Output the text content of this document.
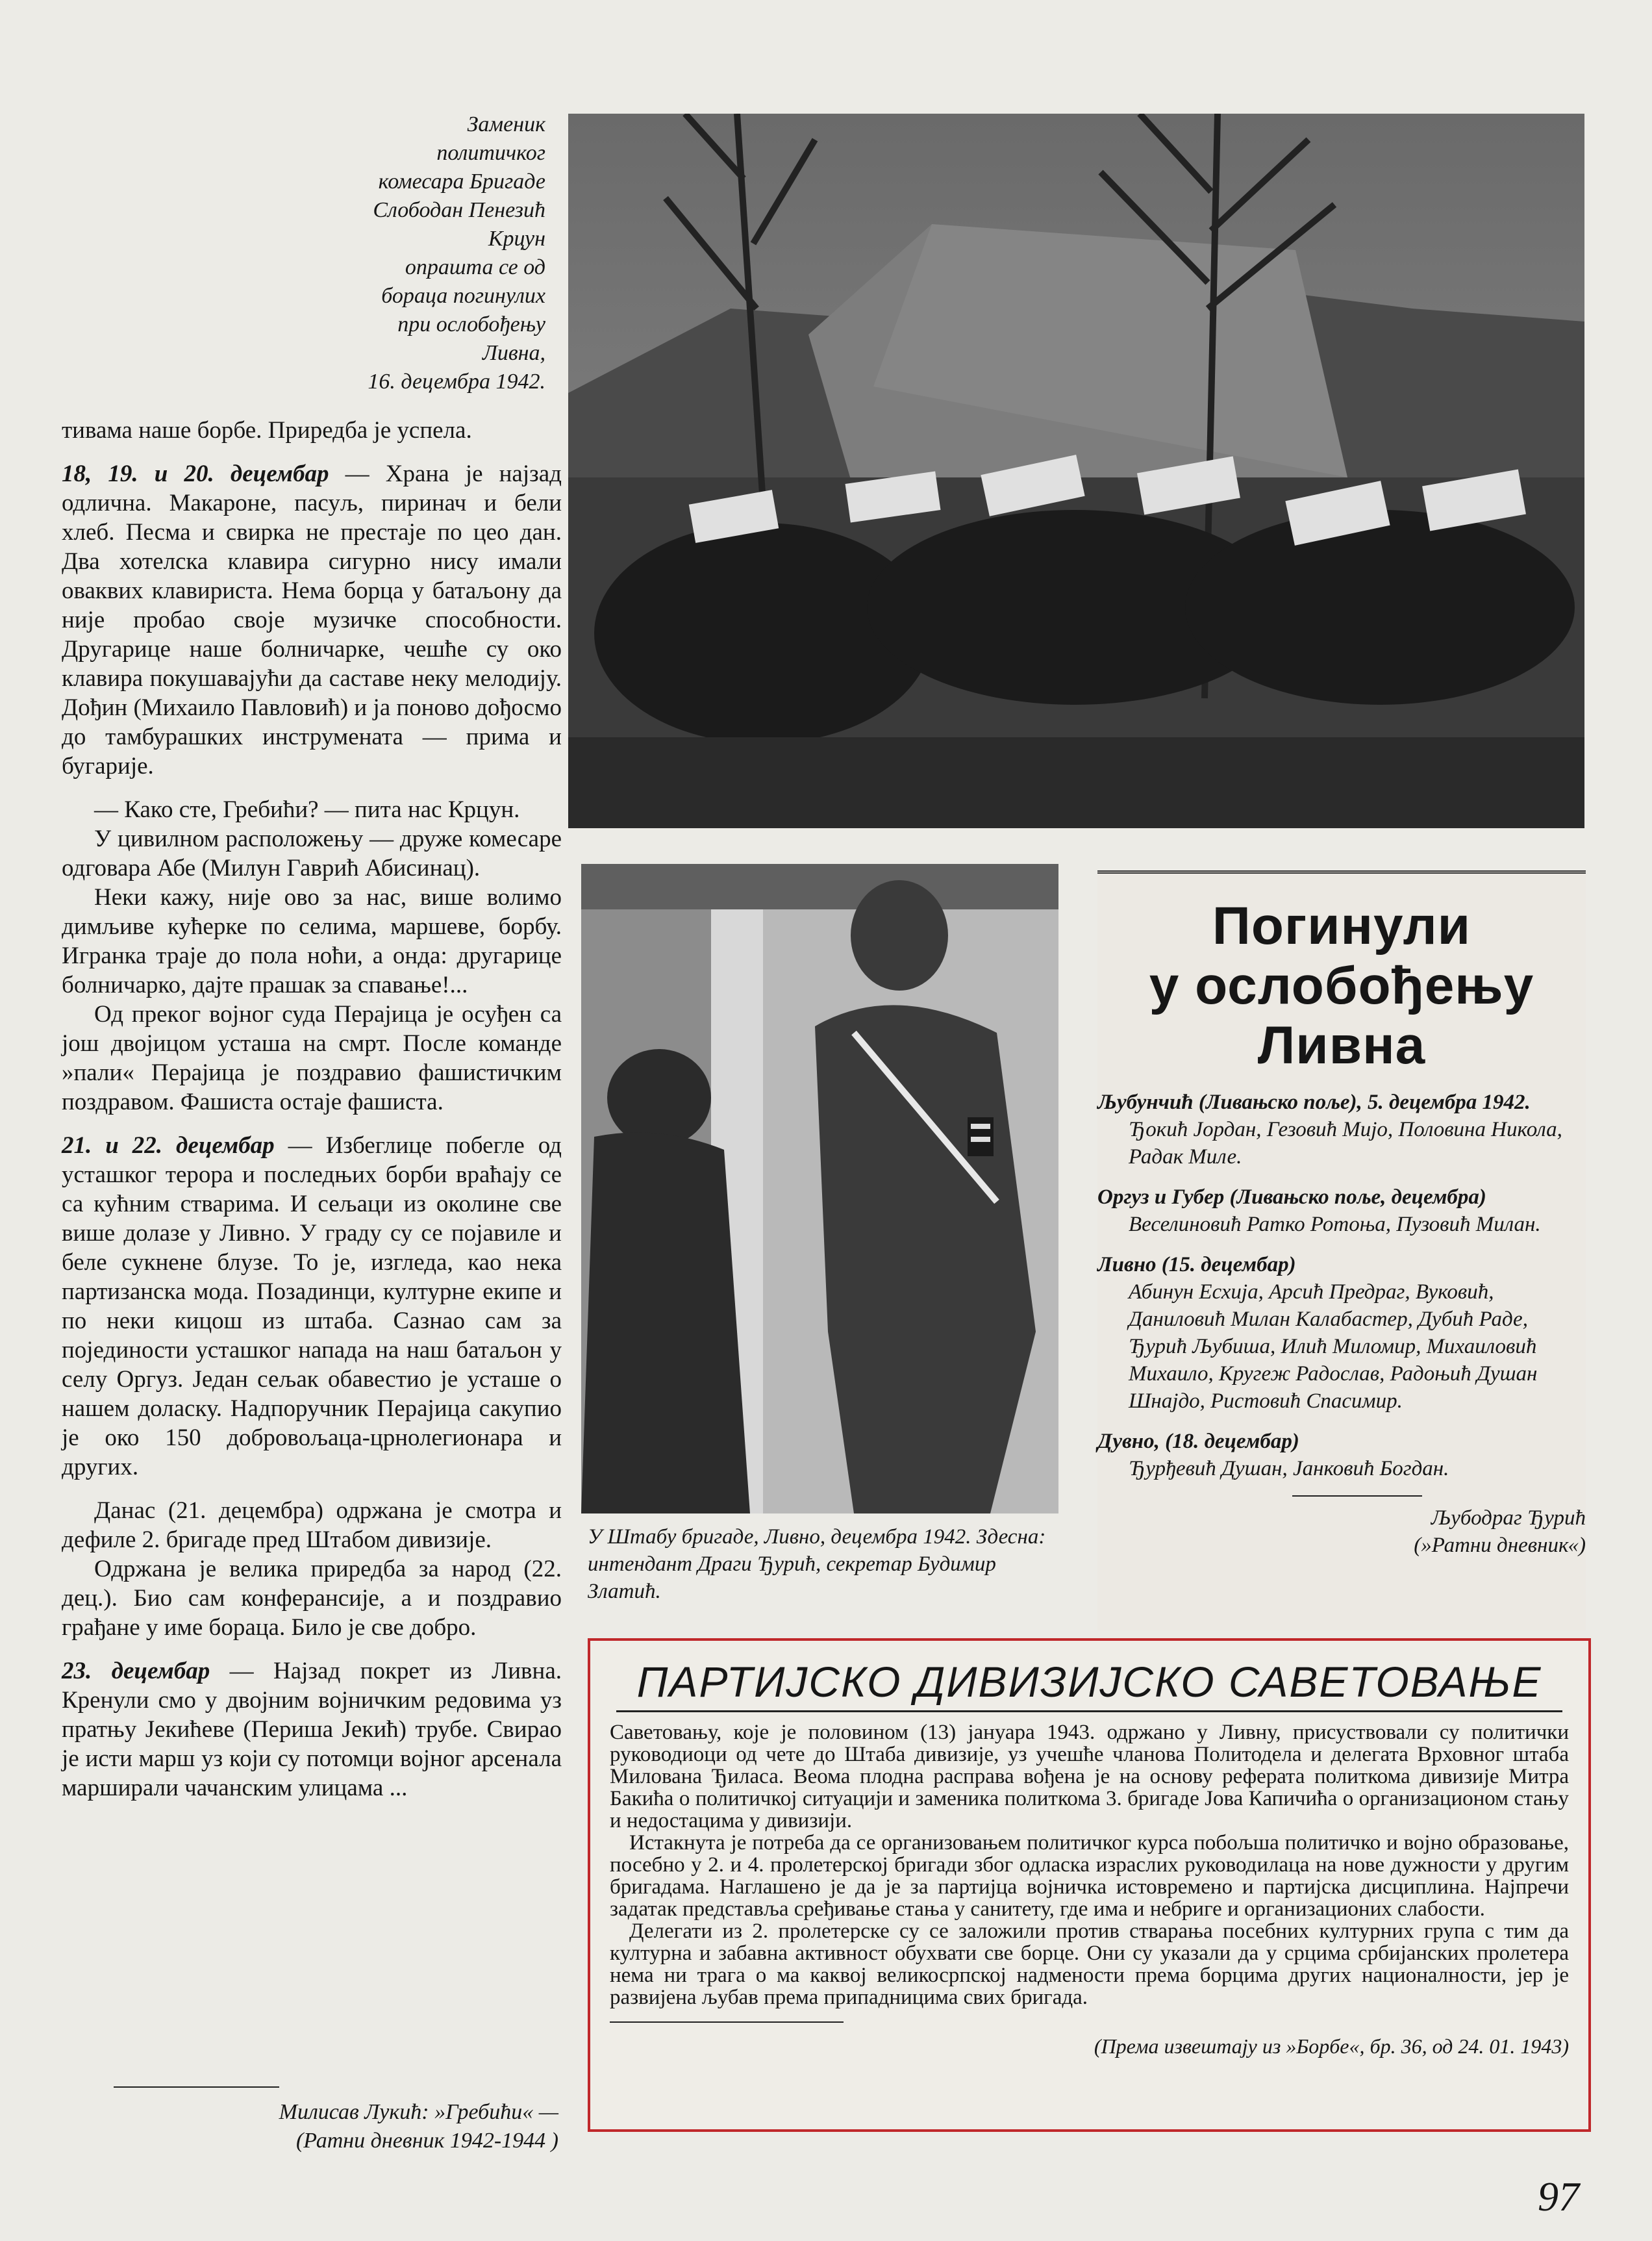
Заменик
политичког комесара Бригаде
Слободан Пенезић Крцун
опрашта се од бораца погинулих
при ослобођењу Ливна,
16. децембра 1942.

тивама наше борбе. Приредба је успела.

18, 19. и 20. децембар — Храна је најзад одлична. Макароне, пасуљ, пиринач и бели хлеб. Песма и свирка не престаје по цео дан. Два хотелска клавира сигурно нису имали оваквих клавириста. Нема борца у батаљону да није пробао своје музичке способности. Другарице наше болничарке, чешће су око клавира покушавајући да саставе неку мелодију. Дођин (Михаило Павловић) и ја поново дођосмо до тамбурашких инструмената — прима и бугарије.

— Како сте, Гребићи? — пита нас Крцун.

У цивилном расположењу — друже комесаре одговара Абе (Милун Гаврић Абисинац).

Неки кажу, није ово за нас, више волимо димљиве кућерке по селима, маршеве, борбу. Игранка траје до пола ноћи, а онда: другарице болничарко, дајте прашак за спавање!...

Од пpекoг војног суда Перајица је осуђен са још двојицом усташа на смрт. После команде »пали« Перајица је поздравио фашистичким поздравом. Фашиста остаје фашиста.

21. и 22. децембар — Избеглице побегле од усташког терора и последњих борби враћају се са кућним стварима. И сељаци из околине све више долазе у Ливно. У граду су се појавиле и беле сукнене блузе. То је, изгледа, као нека партизанска мода. Позадинци, културне екипе и по неки кицош из штаба. Сазнао сам за појединости усташког напада на наш батаљон у селу Оргуз. Један сељак обавестио је усташе о нашем доласку. Надпоручник Перајица сакупио је око 150 добровољаца-црнолегионара и других.

Данас (21. децембра) одржана је смотра и дефиле 2. бригаде пред Штабом дивизије.

Одржана је велика приредба за народ (22. дец.). Био сам конферансије, а и поздравио грађане у име бораца. Било је све добро.

23. децембар — Најзад покрет из Ливна. Кренули смо у двојним војничким редовима уз пратњу Јекићеве (Периша Јекић) трубе. Свирао је исти марш уз који су потомци војног арсенала марширали чачанским улицама ...

Милисав Лукић: »Гребићи« —
(Ратни дневник 1942-1944 )
У Штабу бригаде, Ливно, децембра 1942. Здесна: интендант Драги Ђурић, секретар Будимир Златић.
Погинули
у ослобођењу
Ливна
Љубунчић (Ливањско поље), 5. децембра 1942.
Ђокић Јордан, Гезовић Мијо, Половина Никола, Радак Миле.
Оргуз и Губер (Ливањско поље, децембра)
Веселиновић Ратко Ротоња, Пузовић Милан.
Ливно (15. децембар)
Абинун Есхија, Арсић Предраг, Вуковић, Даниловић Милан Калабастер, Дубић Раде, Ђурић Љубиша, Илић Миломир, Михаиловић Михаило, Кругеж Радослав, Радоњић Душан Шнајдо, Ристовић Спасимир.
Дувно, (18. децембар)
Ђурђевић Душан, Јанковић Богдан.
Љубодраг Ђурић
(»Ратни дневник«)
ПАРТИЈСКО ДИВИЗИЈСКО САВЕТОВАЊЕ

Саветовању, које је половином (13) јануара 1943. одржано у Ливну, присуствовали су политички руководиоци од чете до Штаба дивизије, уз учешће чланова Политодела и делегата Врховног штаба Милована Ђиласа. Веома плодна расправа вођена је на основу реферата политкома дивизије Митра Бакића о политичкој ситуацији и заменика политкома 3. бригаде Јова Капичића о организационом стању и недостацима у дивизији.

Истакнута је потреба да се организовањем политичког курса побољша политичко и војно образовање, посебно у 2. и 4. пролетерској бригади због одласка израслих руководилаца на нове дужности у другим бригадама. Наглашено је да је за партијца војничка истовремено и партијска дисциплина. Најпречи задатак представља сређивање стања у санитету, где има и небриге и организационих слабости.

Делегати из 2. пролетерске су се заложили против стварања посебних културних група с тим да културна и забавна активност обухвати све борце. Они су указали да у срцима србијанских пролетера нема ни трага о ма каквој великосрпској надмености према борцима других националности, јер је развијена љубав према припадницима свих бригада.

(Према извештају из »Борбе«, бр. 36, од 24. 01. 1943)
97
